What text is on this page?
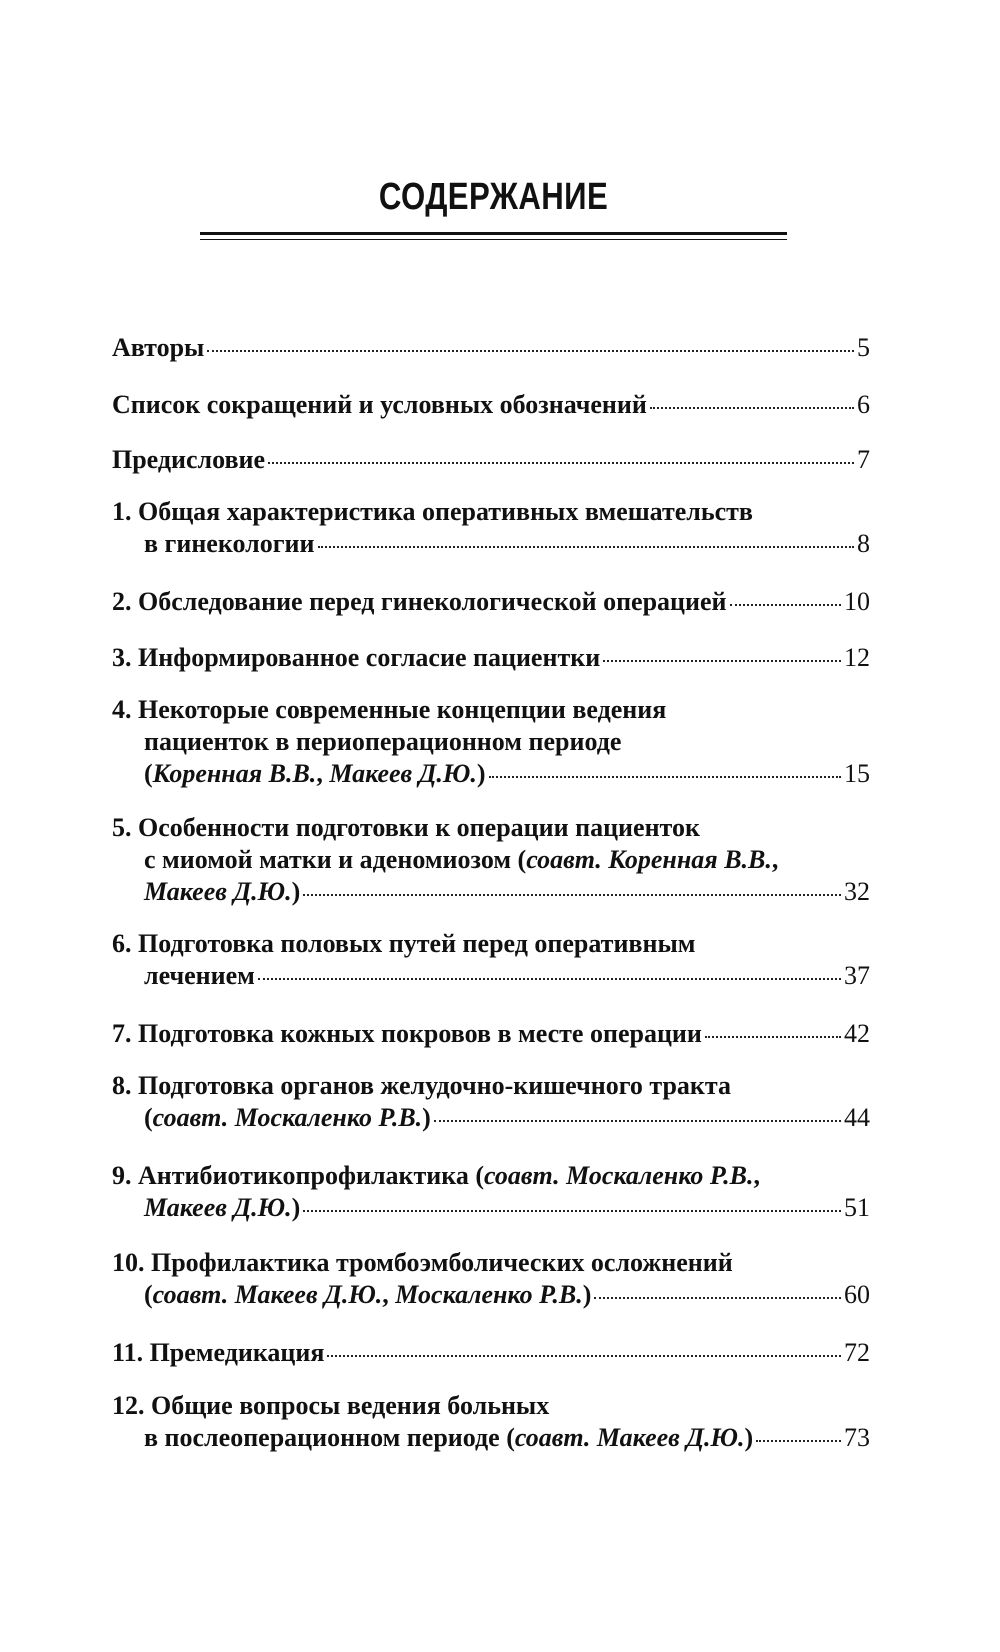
СОДЕРЖАНИЕ
Авторы	5
Список сокращений и условных обозначений	6
Предисловие	7
1. Общая характеристика оперативных вмешательств
в гинекологии	8
2. Обследование перед гинекологической операцией	10
3. Информированное согласие пациентки	12
4. Некоторые современные концепции ведения
пациенток в периоперационном периоде
(Коренная В.В., Макеев Д.Ю.)	15
5. Особенности подготовки к операции пациенток
с миомой матки и аденомиозом (соавт. Коренная В.В.,
Макеев Д.Ю.)	32
6. Подготовка половых путей перед оперативным
лечением	37
7. Подготовка кожных покровов в месте операции	42
8. Подготовка органов желудочно-кишечного тракта
(соавт. Москаленко Р.В.)	44
9. Антибиотикопрофилактика (соавт. Москаленко Р.В.,
Макеев Д.Ю.)	51
10. Профилактика тромбоэмболических осложнений
(соавт. Макеев Д.Ю., Москаленко Р.В.)	60
11. Премедикация	72
12. Общие вопросы ведения больных
в послеоперационном периоде (соавт. Макеев Д.Ю.)	73
